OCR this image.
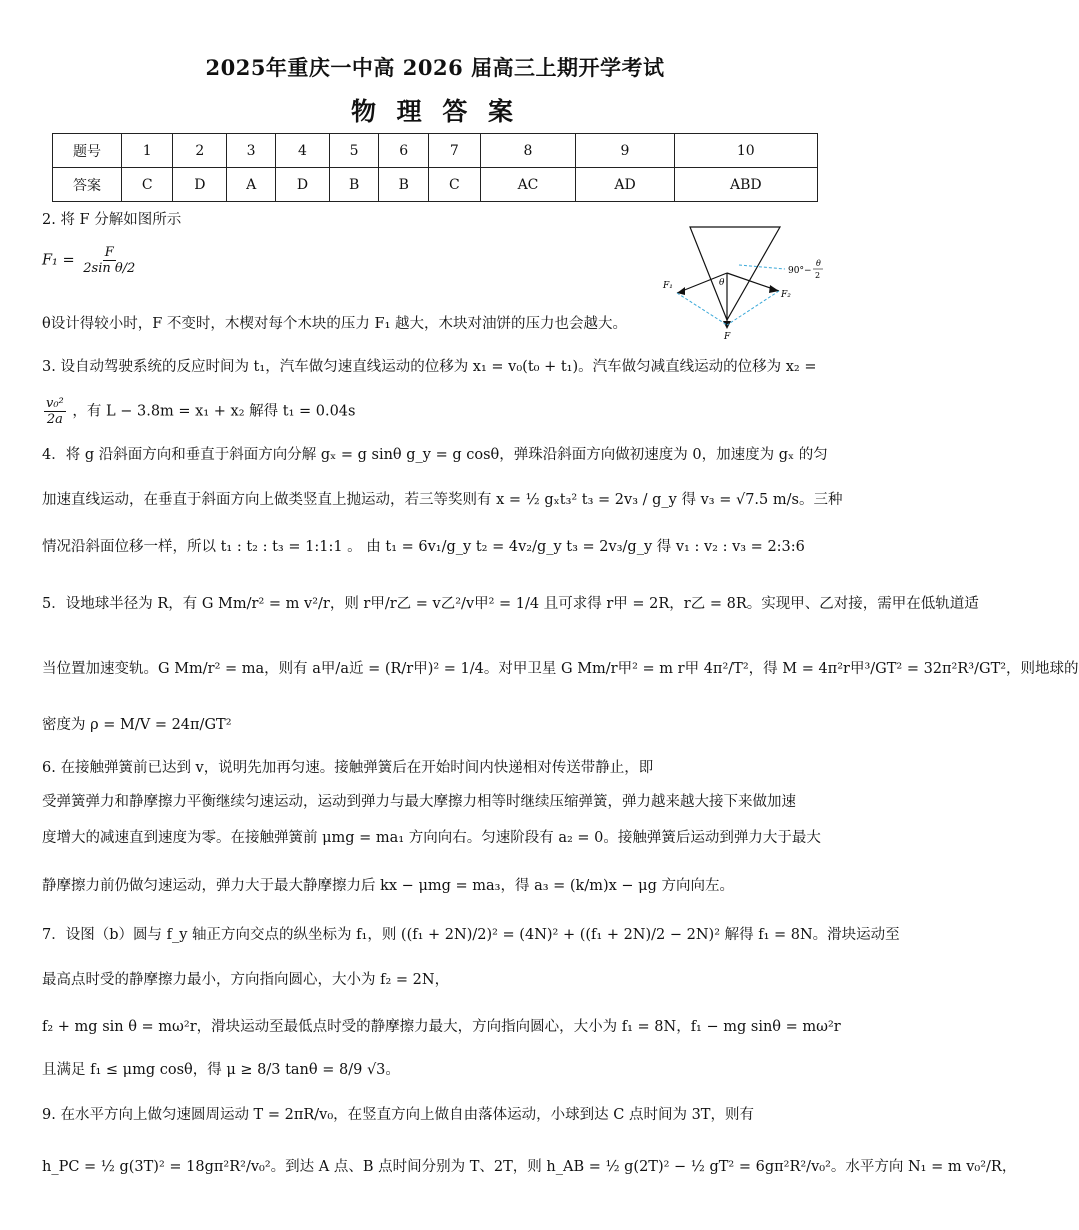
2025年重庆一中高 2026 届高三上期开学考试
物 理 答 案
题号	1	2	3	4	5	6	7	8	9	10
答案	C	D	A	D	B	B	C	AC	AD	ABD
2. 将 F 分解如图所示
$F_1 = \frac{F}{\text{2sin θ/2}}$
θ设计得较小时，F 不变时，木楔对每个木块的压力 F₁ 越大，木块对油饼的压力也会越大。
F₁
F₂
F
θ
90°−
θ
2
3. 设自动驾驶系统的反应时间为 t₁，汽车做匀速直线运动的位移为 x₁ = v₀(t₀ + t₁)。汽车做匀减直线运动的位移为 x₂ =
$\frac{\text{v₀²}}{2a}$ ，有 L − 3.8m = x₁ + x₂ 解得 t₁ = 0.04s
4．将 g 沿斜面方向和垂直于斜面方向分解 gₓ = g sinθ g_y = g cosθ，弹珠沿斜面方向做初速度为 0，加速度为 gₓ 的匀
加速直线运动，在垂直于斜面方向上做类竖直上抛运动，若三等奖则有 x = ½ gₓt₃² t₃ = 2v₃ / g_y 得 v₃ = √7.5 m/s。三种
情况沿斜面位移一样，所以 t₁ : t₂ : t₃ = 1:1:1 。 由 t₁ = 6v₁/g_y t₂ = 4v₂/g_y t₃ = 2v₃/g_y 得 v₁ : v₂ : v₃ = 2:3:6
5．设地球半径为 R，有 G Mm/r² = m v²/r，则 r甲/r乙 = v乙²/v甲² = 1/4 且可求得 r甲 = 2R，r乙 = 8R。实现甲、乙对接，需甲在低轨道适
当位置加速变轨。G Mm/r² = ma，则有 a甲/a近 = (R/r甲)² = 1/4。对甲卫星 G Mm/r甲² = m r甲 4π²/T²，得 M = 4π²r甲³/GT² = 32π²R³/GT²，则地球的
密度为 ρ = M/V = 24π/GT²
6. 在接触弹簧前已达到 v，说明先加再匀速。接触弹簧后在开始时间内快递相对传送带静止，即
受弹簧弹力和静摩擦力平衡继续匀速运动，运动到弹力与最大摩擦力相等时继续压缩弹簧，弹力越来越大接下来做加速
度增大的减速直到速度为零。在接触弹簧前 μmg = ma₁ 方向向右。匀速阶段有 a₂ = 0。接触弹簧后运动到弹力大于最大
静摩擦力前仍做匀速运动，弹力大于最大静摩擦力后 kx − μmg = ma₃，得 a₃ = (k/m)x − μg 方向向左。
7．设图（b）圆与 f_y 轴正方向交点的纵坐标为 f₁，则 ((f₁ + 2N)/2)² = (4N)² + ((f₁ + 2N)/2 − 2N)² 解得 f₁ = 8N。滑块运动至
最高点时受的静摩擦力最小，方向指向圆心，大小为 f₂ = 2N，
f₂ + mg sin θ = mω²r，滑块运动至最低点时受的静摩擦力最大，方向指向圆心，大小为 f₁ = 8N，f₁ − mg sinθ = mω²r
且满足 f₁ ≤ μmg cosθ，得 μ ≥ 8/3 tanθ = 8/9 √3。
9. 在水平方向上做匀速圆周运动 T = 2πR/v₀，在竖直方向上做自由落体运动，小球到达 C 点时间为 3T，则有
h_PC = ½ g(3T)² = 18gπ²R²/v₀²。到达 A 点、B 点时间分别为 T、2T，则 h_AB = ½ g(2T)² − ½ gT² = 6gπ²R²/v₀²。水平方向 N₁ = m v₀²/R，
